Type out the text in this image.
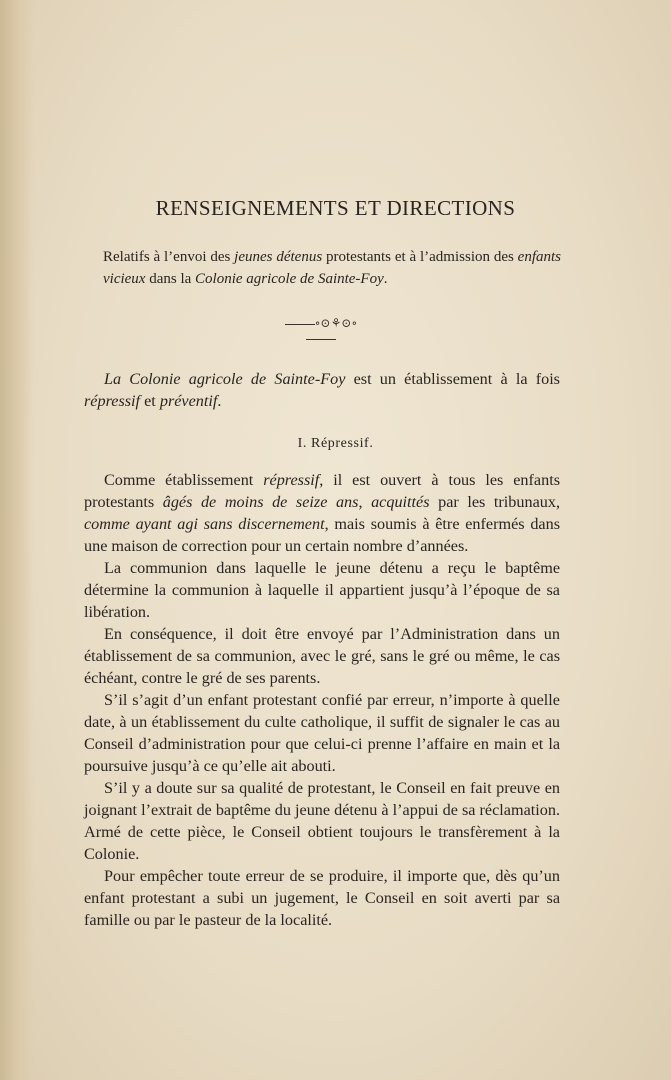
RENSEIGNEMENTS ET DIRECTIONS
Relatifs à l’envoi des jeunes détenus protestants et à l’admission des enfants vicieux dans la Colonie agricole de Sainte-Foy.
∘⊙⚘⊙∘

La Colonie agricole de Sainte-Foy est un établissement à la fois répressif et préventif.

I. Répressif.

Comme établissement répressif, il est ouvert à tous les enfants protestants âgés de moins de seize ans, acquittés par les tribunaux, comme ayant agi sans discernement, mais soumis à être enfermés dans une maison de correction pour un certain nombre d’années.

La communion dans laquelle le jeune détenu a reçu le baptême détermine la communion à laquelle il appartient jusqu’à l’époque de sa libération.

En conséquence, il doit être envoyé par l’Administration dans un établissement de sa communion, avec le gré, sans le gré ou même, le cas échéant, contre le gré de ses parents.

S’il s’agit d’un enfant protestant confié par erreur, n’importe à quelle date, à un établissement du culte catholique, il suffit de signaler le cas au Conseil d’administration pour que celui-ci prenne l’affaire en main et la poursuive jusqu’à ce qu’elle ait abouti.

S’il y a doute sur sa qualité de protestant, le Conseil en fait preuve en joignant l’extrait de baptême du jeune détenu à l’appui de sa réclamation. Armé de cette pièce, le Conseil obtient toujours le transfèrement à la Colonie.

Pour empêcher toute erreur de se produire, il importe que, dès qu’un enfant protestant a subi un jugement, le Conseil en soit averti par sa famille ou par le pasteur de la localité.
